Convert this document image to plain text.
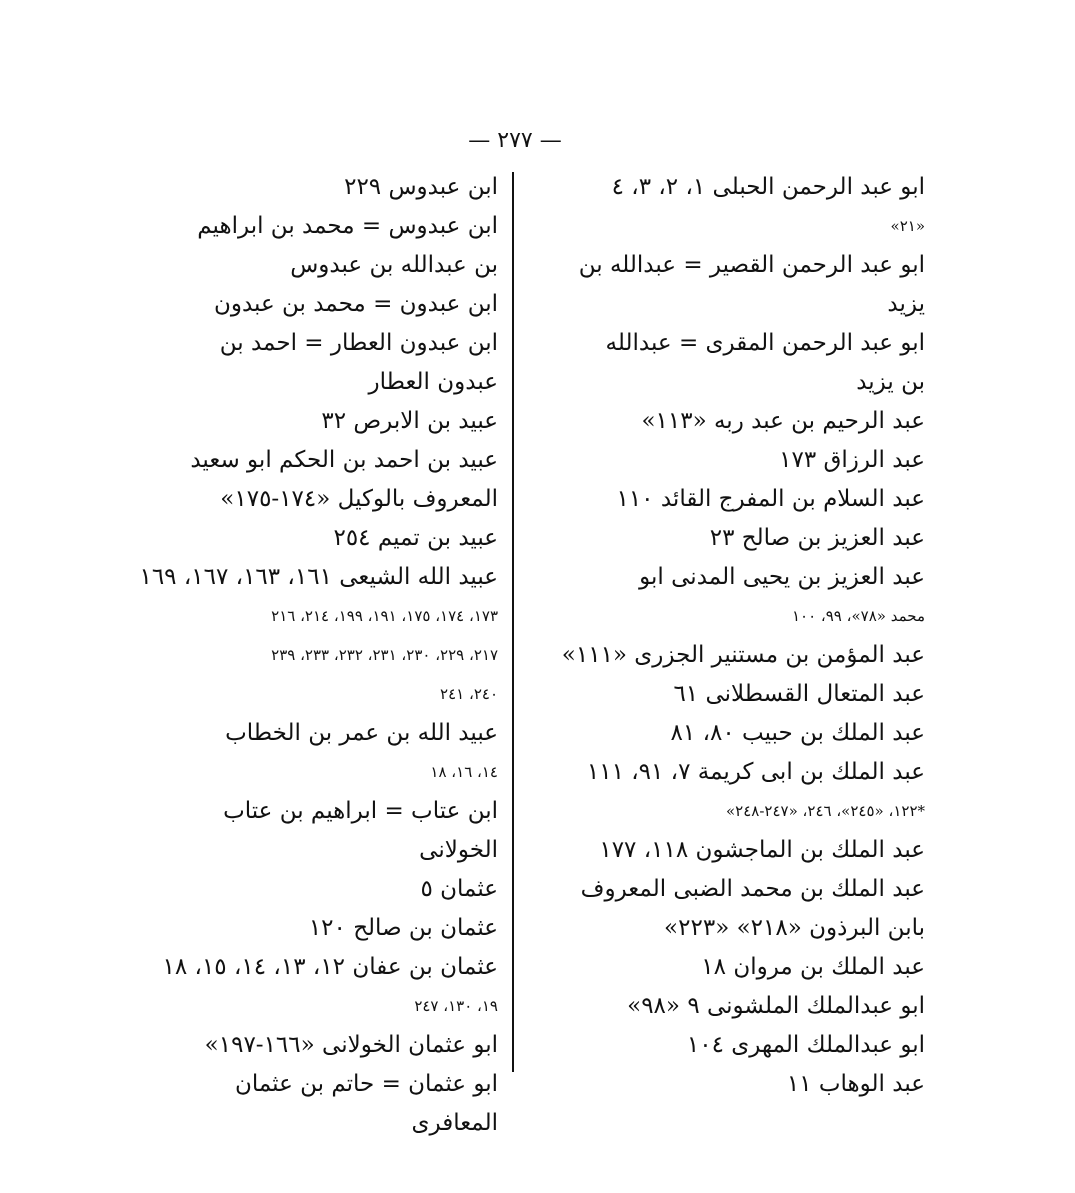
— ٢٧٧ —
ابو عبد الرحمن الحبلى ١، ٢، ٣، ٤
«٢١»
ابو عبد الرحمن القصير = عبدالله بن
يزيد
ابو عبد الرحمن المقرى = عبدالله
بن يزيد
عبد الرحيم بن عبد ربه «١١٣»
عبد الرزاق ١٧٣
عبد السلام بن المفرج القائد ١١٠
عبد العزيز بن صالح ٢٣
عبد العزيز بن يحيى المدنى ابو
محمد «٧٨»، ٩٩، ١٠٠
عبد المؤمن بن مستنير الجزرى «١١١»
عبد المتعال القسطلانى ٦١
عبد الملك بن حبيب ٨٠، ٨١
عبد الملك بن ابى كريمة ٧، ٩١، ١١١
*١٢٢، «٢٤٥»، ٢٤٦، «٢٤٧-٢٤٨»
عبد الملك بن الماجشون ١١٨، ١٧٧
عبد الملك بن محمد الضبى المعروف
بابن البرذون «٢١٨» «٢٢٣»
عبد الملك بن مروان ١٨
ابو عبدالملك الملشونى ٩ «٩٨»
ابو عبدالملك المهرى ١٠٤
عبد الوهاب ١١
ابن عبدوس ٢٢٩
ابن عبدوس = محمد بن ابراهيم
بن عبدالله بن عبدوس
ابن عبدون = محمد بن عبدون
ابن عبدون العطار = احمد بن
عبدون العطار
عبيد بن الابرص ٣٢
عبيد بن احمد بن الحكم ابو سعيد
المعروف بالوكيل «١٧٤-١٧٥»
عبيد بن تميم ٢٥٤
عبيد الله الشيعى ١٦١، ١٦٣، ١٦٧، ١٦٩
١٧٣، ١٧٤، ١٧٥، ١٩١، ١٩٩، ٢١٤، ٢١٦
٢١٧، ٢٢٩، ٢٣٠، ٢٣١، ٢٣٢، ٢٣٣، ٢٣٩
٢٤٠، ٢٤١
عبيد الله بن عمر بن الخطاب
١٤، ١٦، ١٨
ابن عتاب = ابراهيم بن عتاب
الخولانى
عثمان ٥
عثمان بن صالح ١٢٠
عثمان بن عفان ١٢، ١٣، ١٤، ١٥، ١٨
١٩، ١٣٠، ٢٤٧
ابو عثمان الخولانى «١٦٦-١٩٧»
ابو عثمان = حاتم بن عثمان
المعافرى
